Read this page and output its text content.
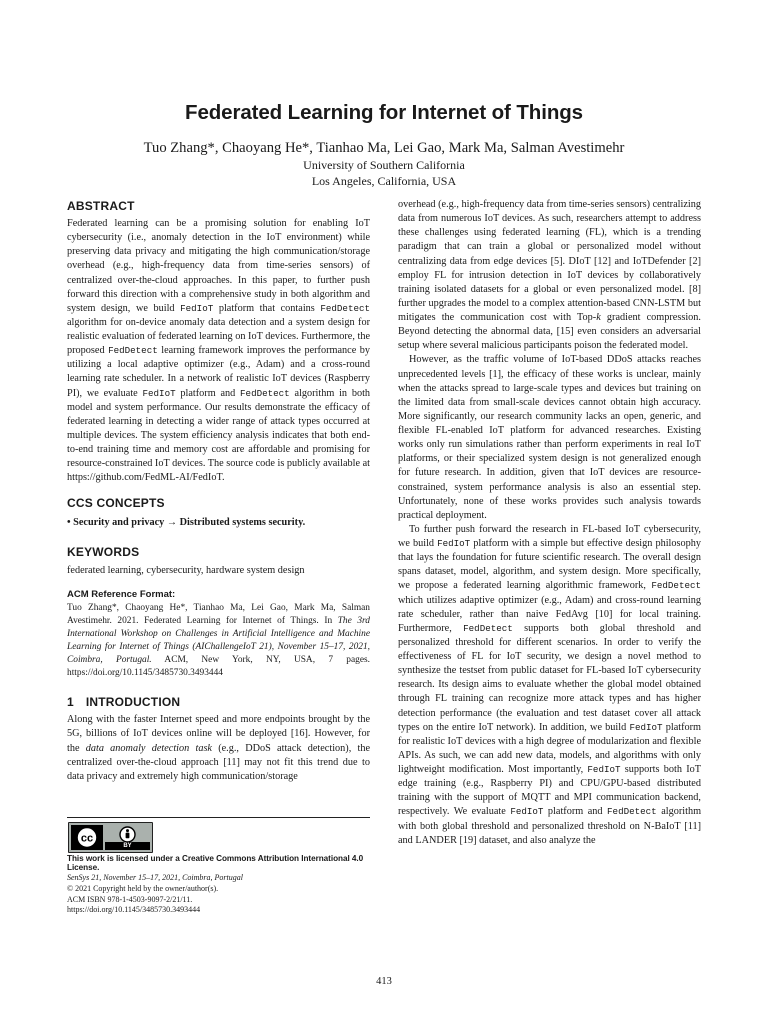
Federated Learning for Internet of Things
Tuo Zhang*, Chaoyang He*, Tianhao Ma, Lei Gao, Mark Ma, Salman Avestimehr
University of Southern California
Los Angeles, California, USA
ABSTRACT
Federated learning can be a promising solution for enabling IoT cybersecurity (i.e., anomaly detection in the IoT environment) while preserving data privacy and mitigating the high communication/storage overhead (e.g., high-frequency data from time-series sensors) of centralized over-the-cloud approaches. In this paper, to further push forward this direction with a comprehensive study in both algorithm and system design, we build FedIoT platform that contains FedDetect algorithm for on-device anomaly data detection and a system design for realistic evaluation of federated learning on IoT devices. Furthermore, the proposed FedDetect learning framework improves the performance by utilizing a local adaptive optimizer (e.g., Adam) and a cross-round learning rate scheduler. In a network of realistic IoT devices (Raspberry PI), we evaluate FedIoT platform and FedDetect algorithm in both model and system performance. Our results demonstrate the efficacy of federated learning in detecting a wider range of attack types occurred at multiple devices. The system efficiency analysis indicates that both end-to-end training time and memory cost are affordable and promising for resource-constrained IoT devices. The source code is publicly available at https://github.com/FedML-AI/FedIoT.
CCS CONCEPTS
• Security and privacy → Distributed systems security.
KEYWORDS
federated learning, cybersecurity, hardware system design
ACM Reference Format:
Tuo Zhang*, Chaoyang He*, Tianhao Ma, Lei Gao, Mark Ma, Salman Avestimehr. 2021. Federated Learning for Internet of Things. In The 3rd International Workshop on Challenges in Artificial Intelligence and Machine Learning for Internet of Things (AIChallengeIoT 21), November 15–17, 2021, Coimbra, Portugal. ACM, New York, NY, USA, 7 pages. https://doi.org/10.1145/3485730.3493444
1 INTRODUCTION
Along with the faster Internet speed and more endpoints brought by the 5G, billions of IoT devices online will be deployed [16]. However, for the data anomaly detection task (e.g., DDoS attack detection), the centralized over-the-cloud approach [11] may not fit this trend due to data privacy and extremely high communication/storage
cc
BY
This work is licensed under a Creative Commons Attribution International 4.0 License.
SenSys 21, November 15–17, 2021, Coimbra, Portugal
© 2021 Copyright held by the owner/author(s).
ACM ISBN 978-1-4503-9097-2/21/11.
https://doi.org/10.1145/3485730.3493444
overhead (e.g., high-frequency data from time-series sensors) centralizing data from numerous IoT devices. As such, researchers attempt to address these challenges using federated learning (FL), which is a trending paradigm that can train a global or personalized model without centralizing data from edge devices [5]. DIoT [12] and IoTDefender [2] employ FL for intrusion detection in IoT devices by collaboratively training isolated datasets for a global or even personalized model. [8] further upgrades the model to a complex attention-based CNN-LSTM but mitigates the communication cost with Top-k gradient compression. Beyond detecting the abnormal data, [15] even considers an adversarial setup where several malicious participants poison the federated model.
However, as the traffic volume of IoT-based DDoS attacks reaches unprecedented levels [1], the efficacy of these works is unclear, mainly when the attacks spread to large-scale types and devices but training on the limited data from small-scale devices cannot obtain high accuracy. More significantly, our research community lacks an open, generic, and flexible FL-enabled IoT platform for advanced researches. Existing works only run simulations rather than perform experiments in real IoT platforms, or their specialized system design is not generalized enough for future research. In addition, given that IoT devices are resource-constrained, system performance analysis is also an essential step. Unfortunately, none of these works provides such analysis towards practical deployment.
To further push forward the research in FL-based IoT cybersecurity, we build FedIoT platform with a simple but effective design philosophy that lays the foundation for future scientific research. The overall design spans dataset, model, algorithm, and system design. More specifically, we propose a federated learning algorithmic framework, FedDetect which utilizes adaptive optimizer (e.g., Adam) and cross-round learning rate scheduler, rather than naive FedAvg [10] for local training. Furthermore, FedDetect supports both global threshold and personalized threshold for different scenarios. In order to verify the effectiveness of FL for IoT security, we design a novel method to synthesize the testset from public dataset for FL-based IoT cybersecurity research. Its design aims to evaluate whether the global model obtained through FL training can recognize more attack types and has higher detection performance (the evaluation and test dataset cover all attack types on the entire IoT network). In addition, we build FedIoT platform for realistic IoT devices with a high degree of modularization and flexible APIs. As such, we can add new data, models, and algorithms with only lightweight modification. Most importantly, FedIoT supports both IoT edge training (e.g., Raspberry PI) and CPU/GPU-based distributed training with the support of MQTT and MPI communication backend, respectively. We evaluate FedIoT platform and FedDetect algorithm with both global threshold and personalized threshold on N-BaIoT [11] and LANDER [19] dataset, and also analyze the
413
